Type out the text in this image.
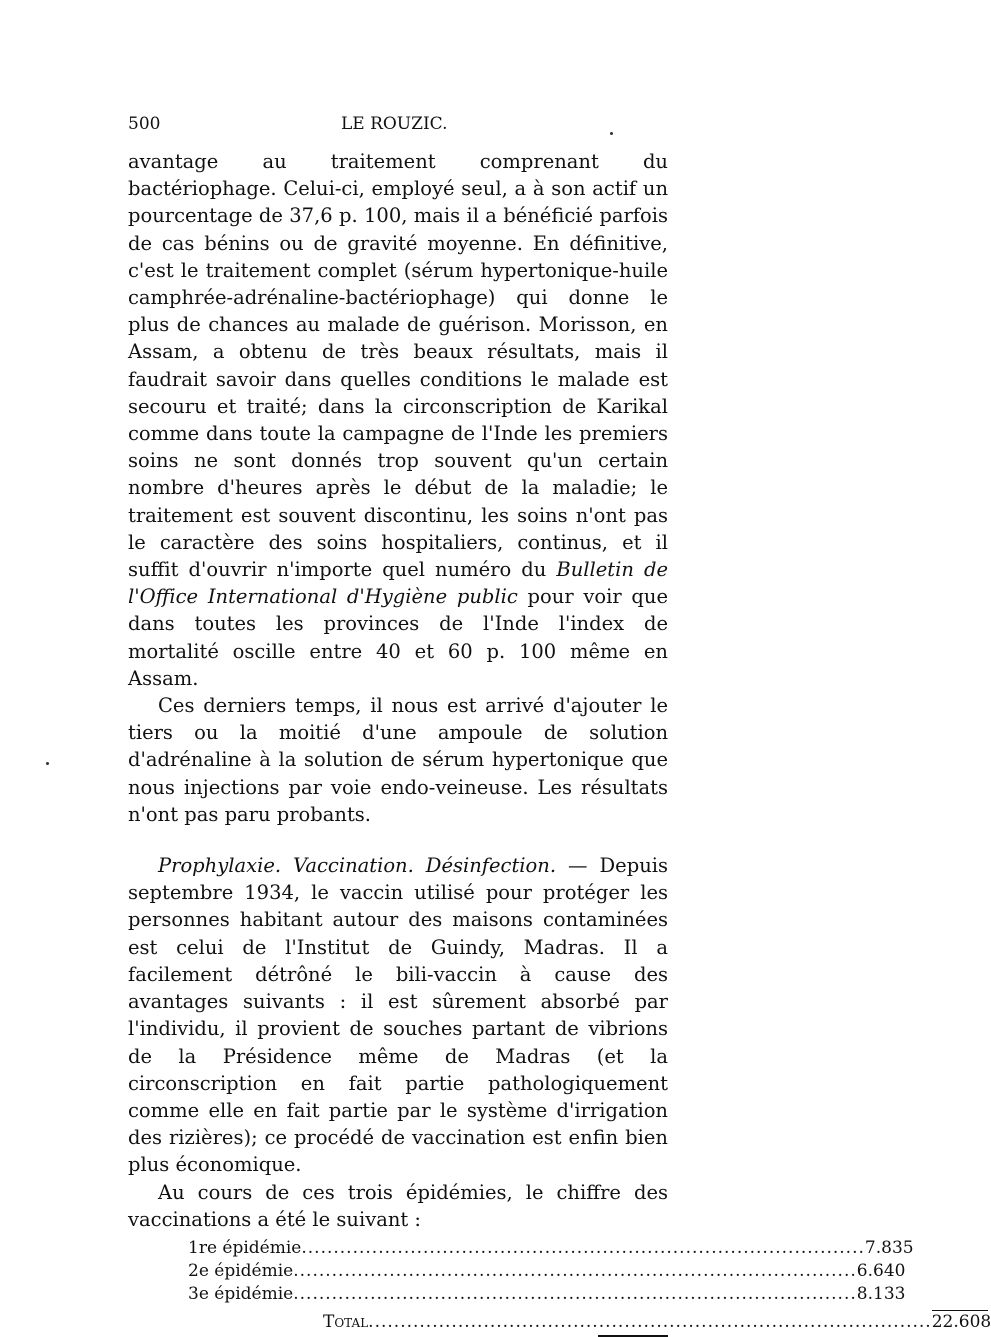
500	LE ROUZIC.

avantage au traitement comprenant du bactériophage. Celui-ci, employé seul, a à son actif un pourcentage de 37,6 p. 100, mais il a bénéficié parfois de cas bénins ou de gravité moyenne. En définitive, c'est le traitement complet (sérum hypertonique-huile camphrée-adrénaline-bactériophage) qui donne le plus de chances au malade de guérison. Morisson, en Assam, a obtenu de très beaux résultats, mais il faudrait savoir dans quelles conditions le malade est secouru et traité; dans la circonscription de Karikal comme dans toute la campagne de l'Inde les premiers soins ne sont donnés trop souvent qu'un certain nombre d'heures après le début de la maladie; le traitement est souvent discontinu, les soins n'ont pas le caractère des soins hospitaliers, continus, et il suffit d'ouvrir n'importe quel numéro du Bulletin de l'Office International d'Hygiène public pour voir que dans toutes les provinces de l'Inde l'index de mortalité oscille entre 40 et 60 p. 100 même en Assam.

Ces derniers temps, il nous est arrivé d'ajouter le tiers ou la moitié d'une ampoule de solution d'adrénaline à la solution de sérum hypertonique que nous injections par voie endo-veineuse. Les résultats n'ont pas paru probants.

Prophylaxie. Vaccination. Désinfection. — Depuis septembre 1934, le vaccin utilisé pour protéger les personnes habitant autour des maisons contaminées est celui de l'Institut de Guindy, Madras. Il a facilement détrôné le bili-vaccin à cause des avantages suivants : il est sûrement absorbé par l'individu, il provient de souches partant de vibrions de la Présidence même de Madras (et la circonscription en fait partie pathologiquement comme elle en fait partie par le système d'irrigation des rizières); ce procédé de vaccination est enfin bien plus économique.

Au cours de ces trois épidémies, le chiffre des vaccinations a été le suivant :

1re épidémie ........................................................................................ 7.835
2e épidémie ........................................................................................ 6.640
3e épidémie ........................................................................................ 8.133
Total ........................................................................................ 22.608
